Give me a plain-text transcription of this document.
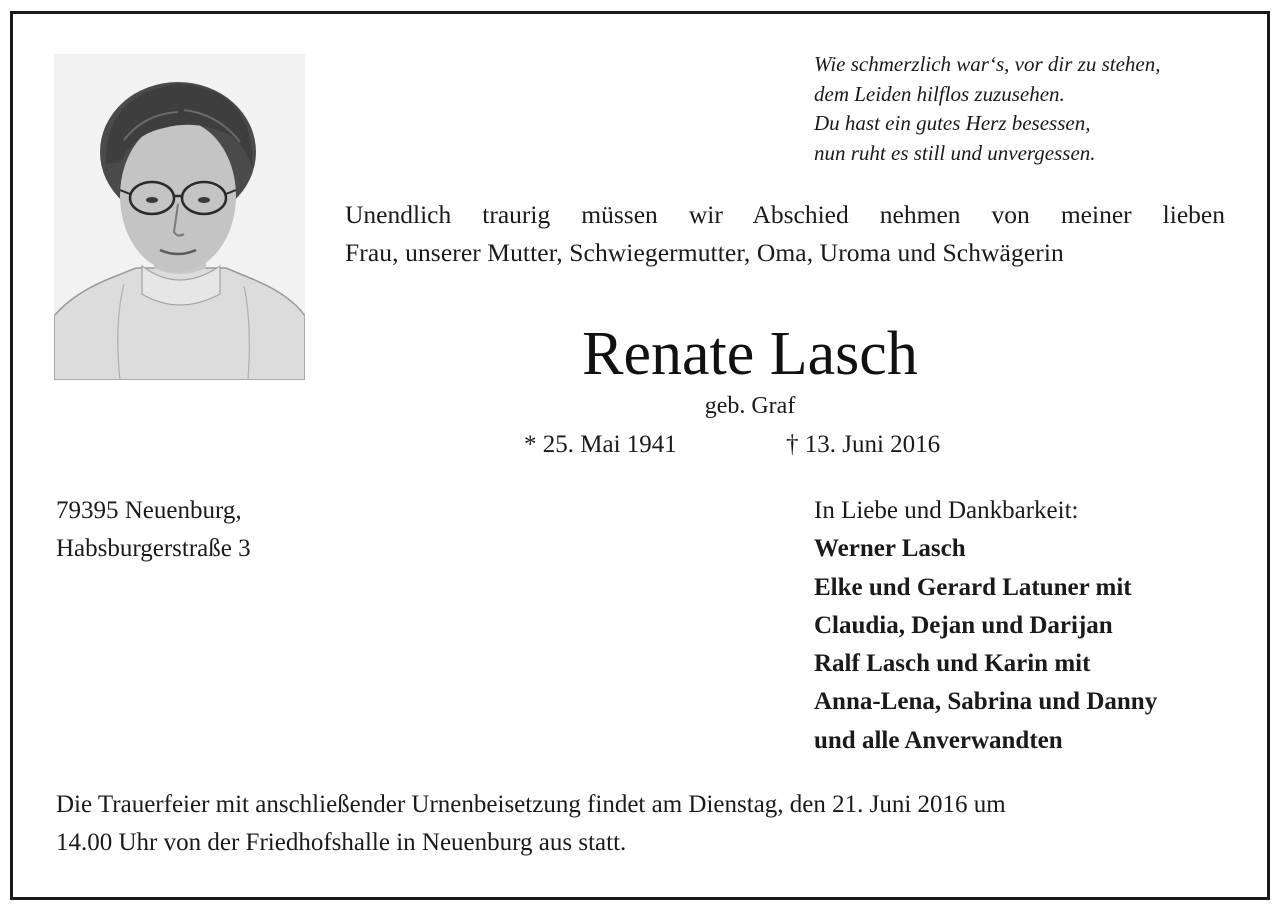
Wie schmerzlich war‘s, vor dir zu stehen,
dem Leiden hilflos zuzusehen.
Du hast ein gutes Herz besessen,
nun ruht es still und unvergessen.
Unendlich traurig müssen wir Abschied nehmen von meiner lieben
Frau, unserer Mutter, Schwiegermutter, Oma, Uroma und Schwägerin
Renate Lasch
geb. Graf
* 25. Mai 1941	† 13. Juni 2016
79395 Neuenburg,
Habsburgerstraße 3
In Liebe und Dankbarkeit:
Werner Lasch
Elke und Gerard Latuner mit
Claudia, Dejan und Darijan
Ralf Lasch und Karin mit
Anna-Lena, Sabrina und Danny
und alle Anverwandten
Die Trauerfeier mit anschließender Urnenbeisetzung findet am Dienstag, den 21. Juni 2016 um
14.00 Uhr von der Friedhofshalle in Neuenburg aus statt.
